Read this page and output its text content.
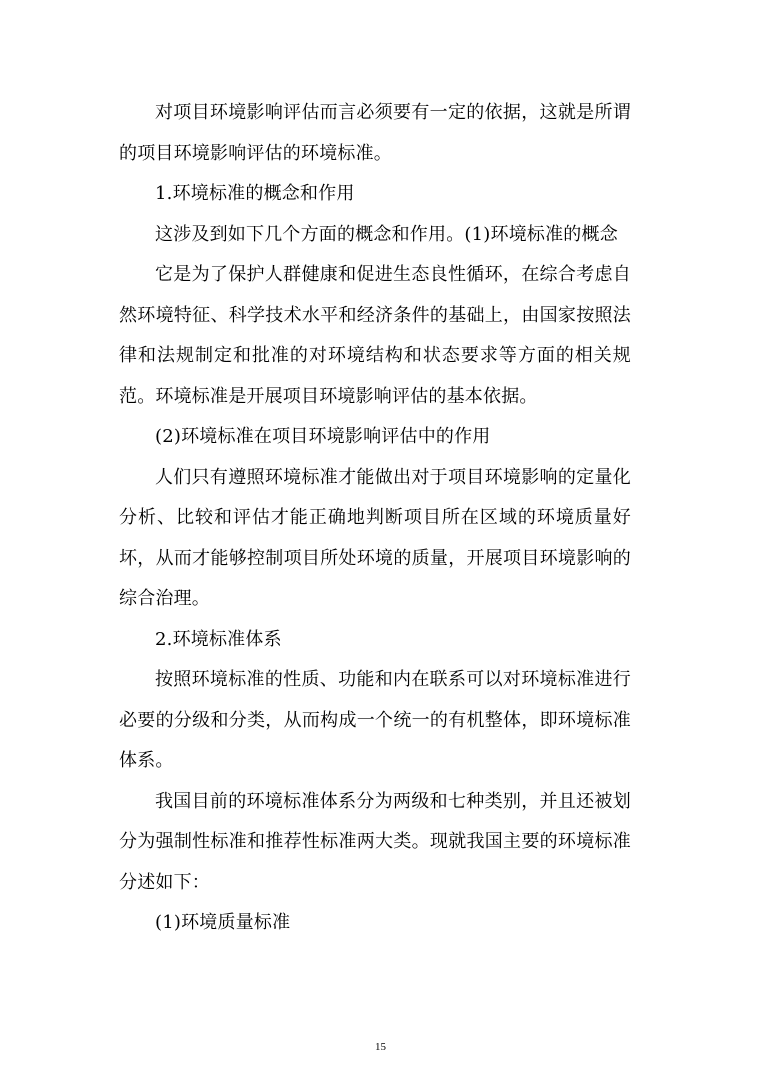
对项目环境影响评估而言必须要有一定的依据，这就是所谓的项目环境影响评估的环境标准。

1.环境标准的概念和作用

这涉及到如下几个方面的概念和作用。(1)环境标准的概念

它是为了保护人群健康和促进生态良性循环，在综合考虑自然环境特征、科学技术水平和经济条件的基础上，由国家按照法律和法规制定和批准的对环境结构和状态要求等方面的相关规范。环境标准是开展项目环境影响评估的基本依据。

(2)环境标准在项目环境影响评估中的作用

人们只有遵照环境标准才能做出对于项目环境影响的定量化分析、比较和评估才能正确地判断项目所在区域的环境质量好坏，从而才能够控制项目所处环境的质量，开展项目环境影响的综合治理。

2.环境标准体系

按照环境标准的性质、功能和内在联系可以对环境标准进行必要的分级和分类，从而构成一个统一的有机整体，即环境标准体系。

我国目前的环境标准体系分为两级和七种类别，并且还被划分为强制性标准和推荐性标准两大类。现就我国主要的环境标准分述如下：

(1)环境质量标准

15
